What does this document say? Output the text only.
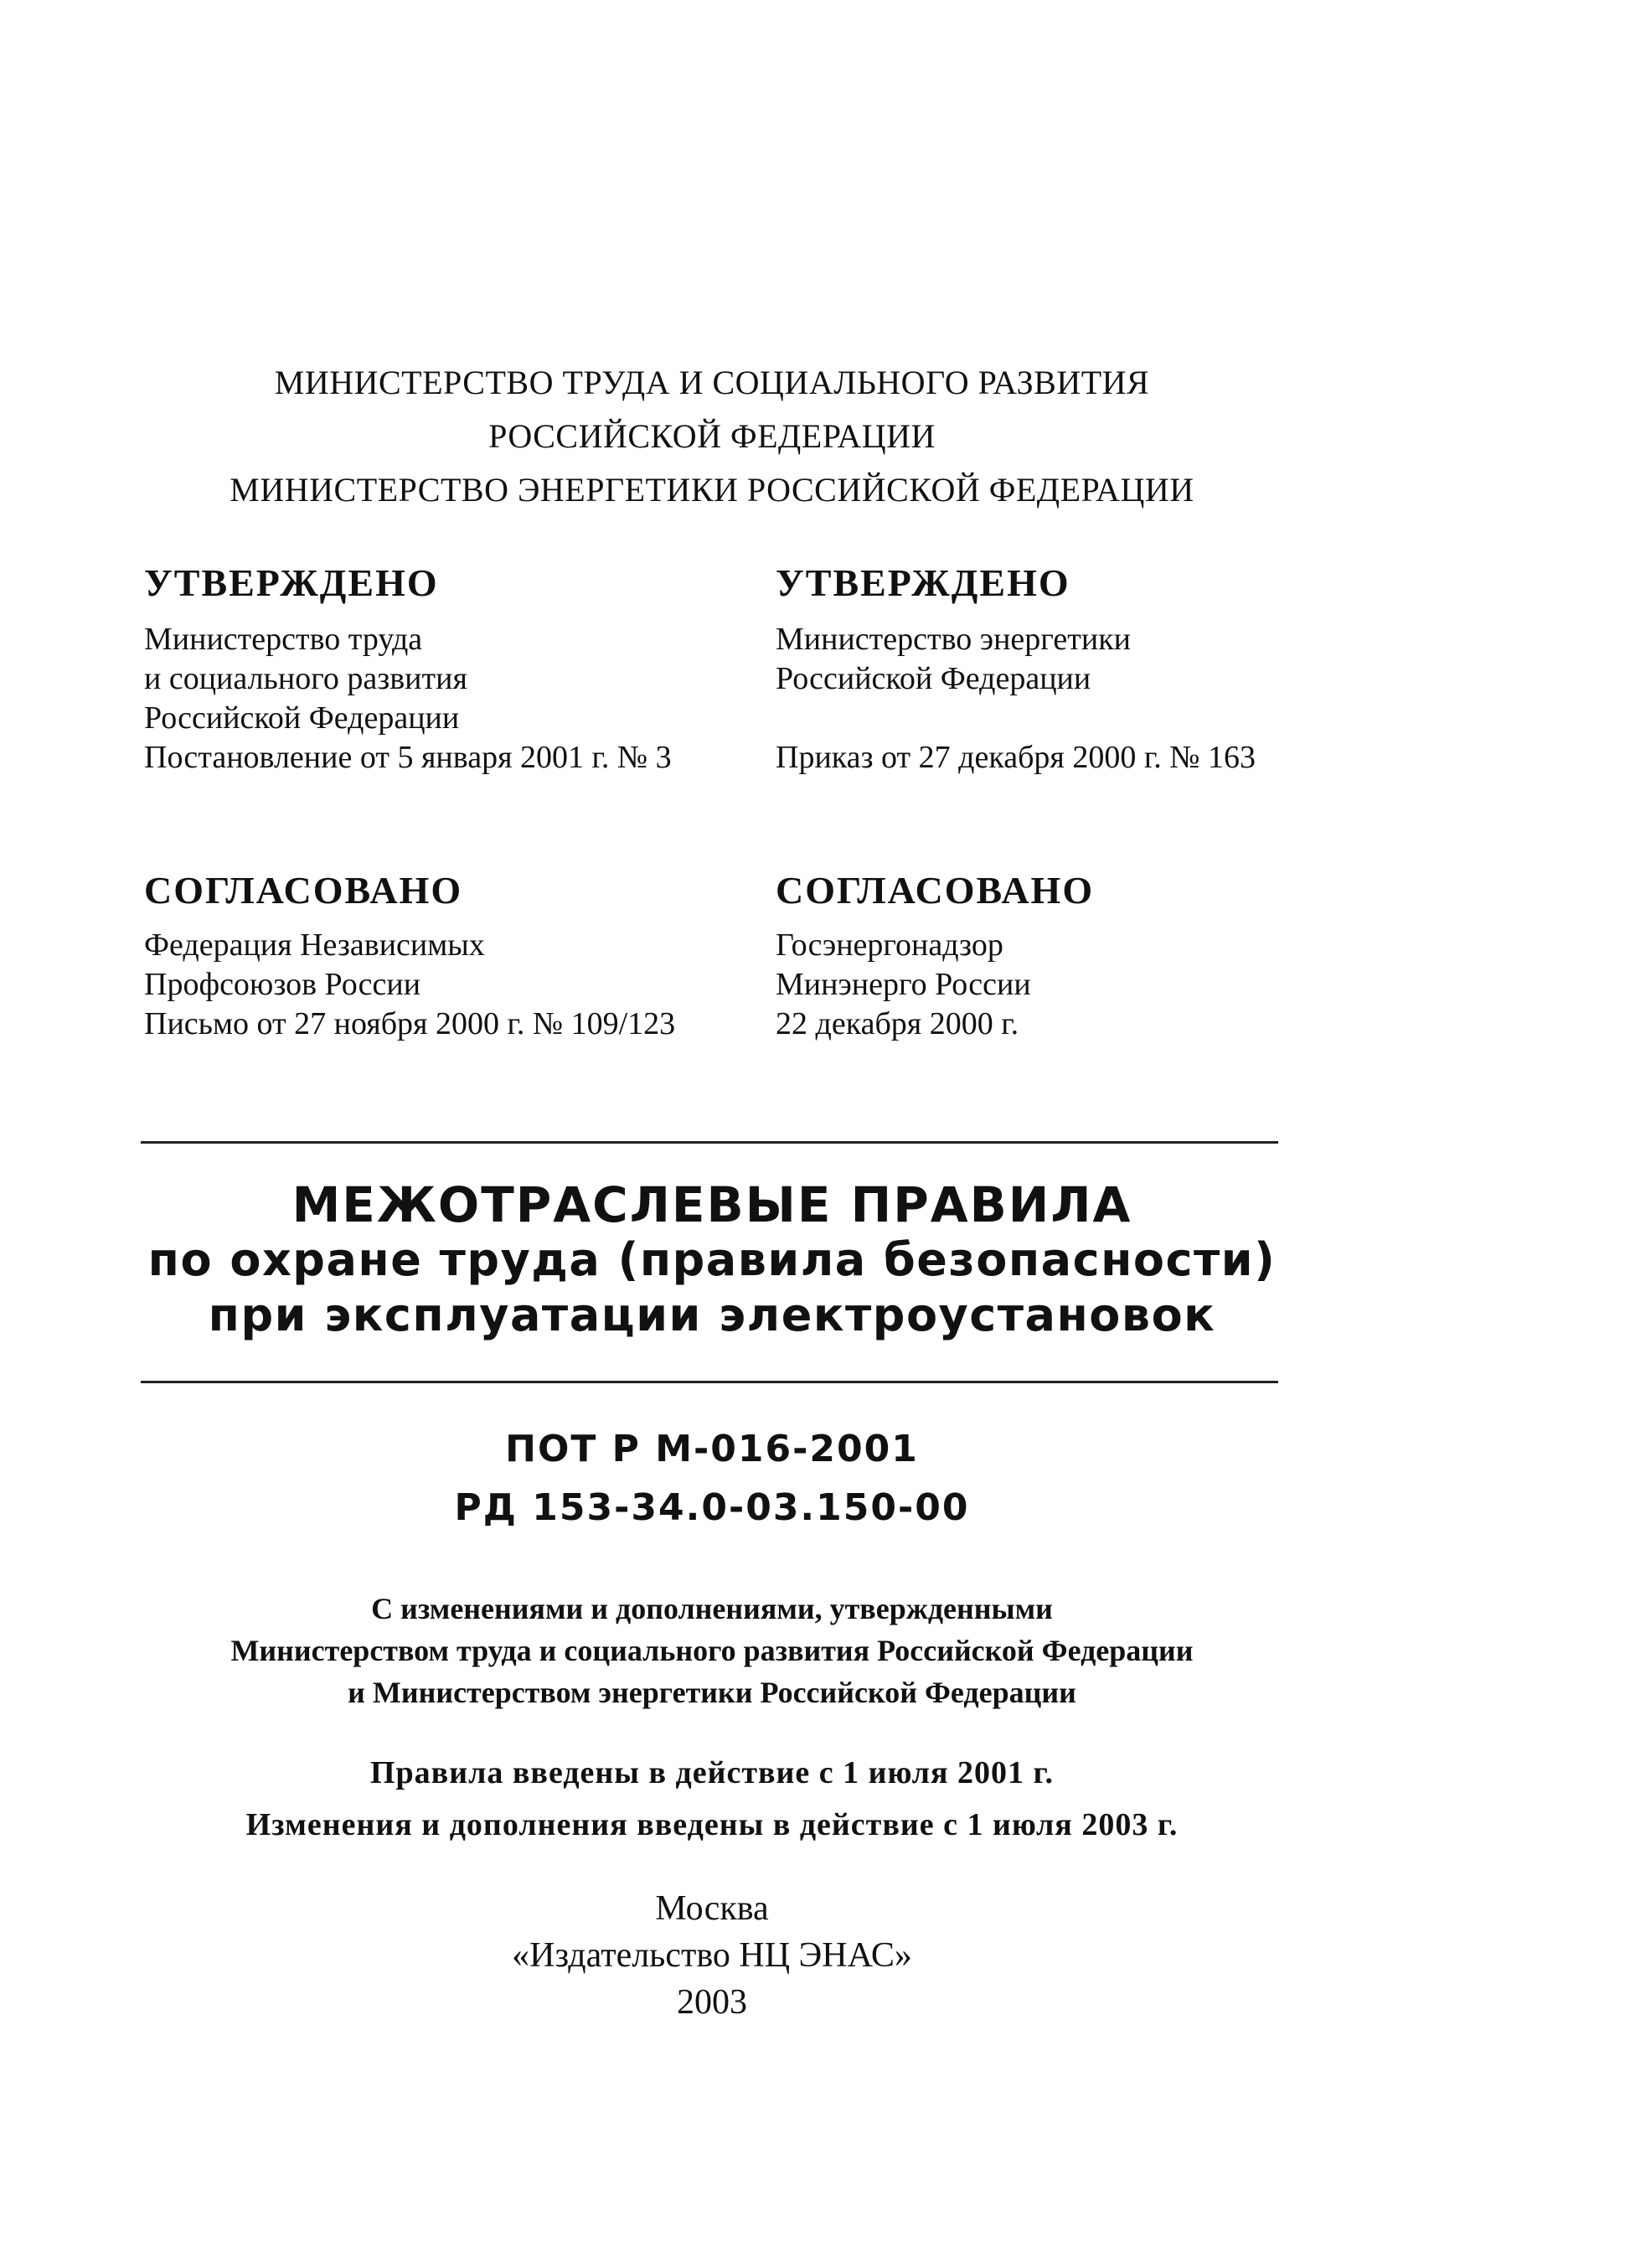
МИНИСТЕРСТВО ТРУДА И СОЦИАЛЬНОГО РАЗВИТИЯ
РОССИЙСКОЙ ФЕДЕРАЦИИ
МИНИСТЕРСТВО ЭНЕРГЕТИКИ РОССИЙСКОЙ ФЕДЕРАЦИИ
УТВЕРЖДЕНО
Министерство труда
и социального развития
Российской Федерации
Постановление от 5 января 2001 г. № 3
УТВЕРЖДЕНО
Министерство энергетики
Российской Федерации
Приказ от 27 декабря 2000 г. № 163
СОГЛАСОВАНО
Федерация Независимых
Профсоюзов России
Письмо от 27 ноября 2000 г. № 109/123
СОГЛАСОВАНО
Госэнергонадзор
Минэнерго России
22 декабря 2000 г.
МЕЖОТРАСЛЕВЫЕ ПРАВИЛА
по охране труда (правила безопасности)
при эксплуатации электроустановок
ПОТ Р М-016-2001
РД 153-34.0-03.150-00
С изменениями и дополнениями, утвержденными
Министерством труда и социального развития Российской Федерации
и Министерством энергетики Российской Федерации
Правила введены в действие с 1 июля 2001 г.
Изменения и дополнения введены в действие с 1 июля 2003 г.
Москва
«Издательство НЦ ЭНАС»
2003
